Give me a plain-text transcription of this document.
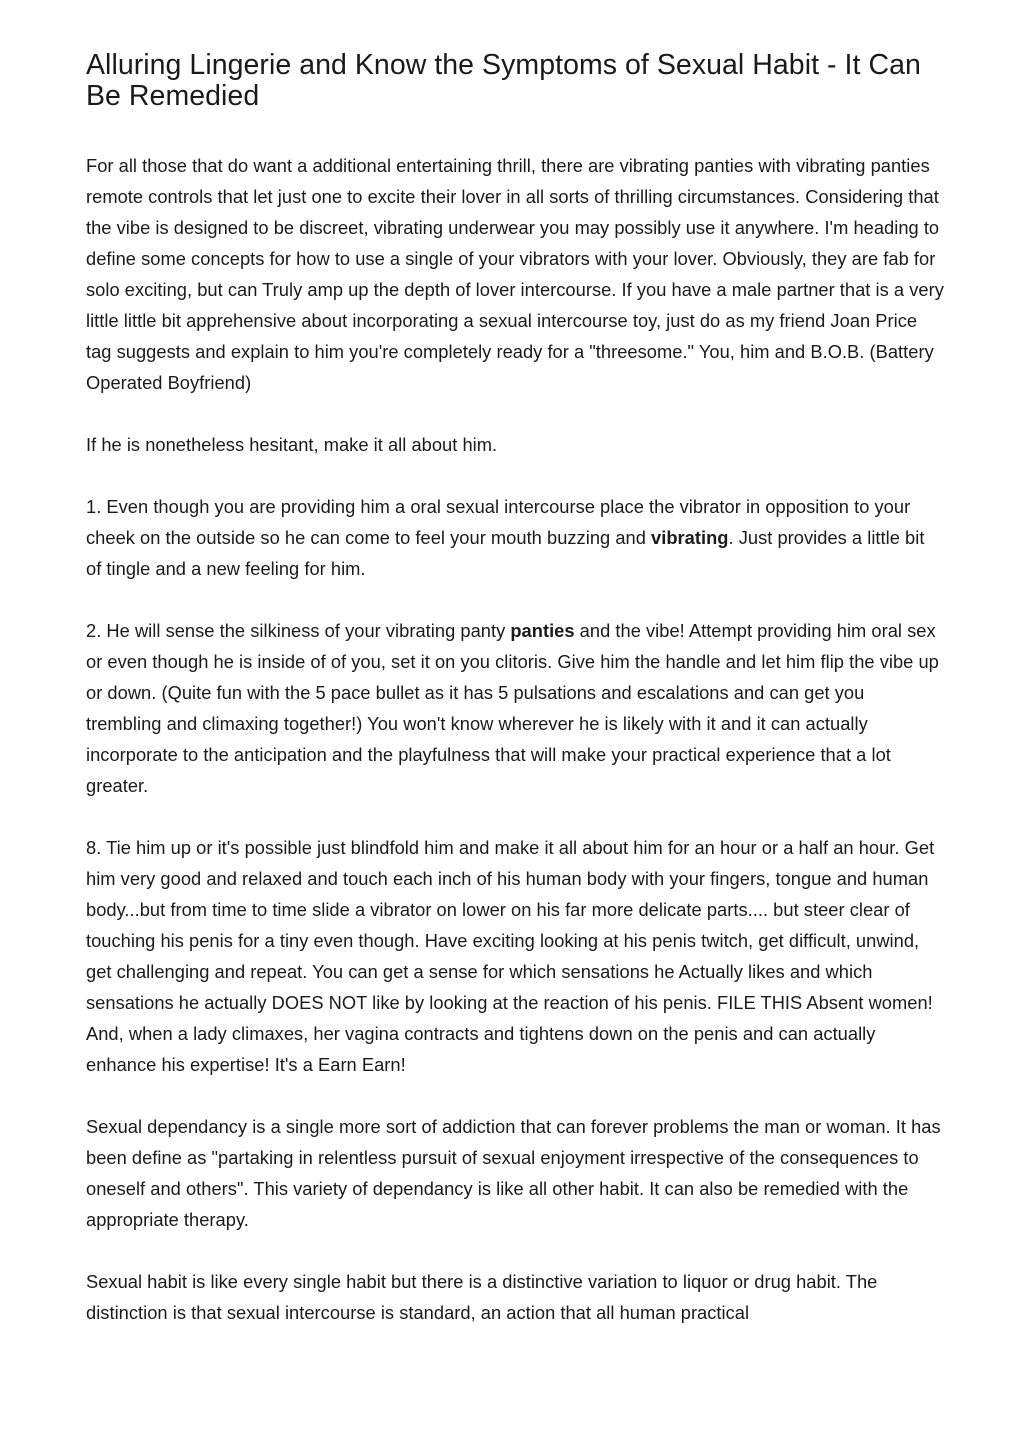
Alluring Lingerie and Know the Symptoms of Sexual Habit - It Can Be Remedied

For all those that do want a additional entertaining thrill, there are vibrating panties with vibrating panties remote controls that let just one to excite their lover in all sorts of thrilling circumstances. Considering that the vibe is designed to be discreet, vibrating underwear you may possibly use it anywhere. I'm heading to define some concepts for how to use a single of your vibrators with your lover. Obviously, they are fab for solo exciting, but can Truly amp up the depth of lover intercourse. If you have a male partner that is a very little little bit apprehensive about incorporating a sexual intercourse toy, just do as my friend Joan Price tag suggests and explain to him you're completely ready for a "threesome." You, him and B.O.B. (Battery Operated Boyfriend)

If he is nonetheless hesitant, make it all about him.

1. Even though you are providing him a oral sexual intercourse place the vibrator in opposition to your cheek on the outside so he can come to feel your mouth buzzing and vibrating. Just provides a little bit of tingle and a new feeling for him.

2. He will sense the silkiness of your vibrating panty panties and the vibe! Attempt providing him oral sex or even though he is inside of of you, set it on you clitoris. Give him the handle and let him flip the vibe up or down. (Quite fun with the 5 pace bullet as it has 5 pulsations and escalations and can get you trembling and climaxing together!) You won't know wherever he is likely with it and it can actually incorporate to the anticipation and the playfulness that will make your practical experience that a lot greater.

8. Tie him up or it's possible just blindfold him and make it all about him for an hour or a half an hour. Get him very good and relaxed and touch each inch of his human body with your fingers, tongue and human body...but from time to time slide a vibrator on lower on his far more delicate parts.... but steer clear of touching his penis for a tiny even though. Have exciting looking at his penis twitch, get difficult, unwind, get challenging and repeat. You can get a sense for which sensations he Actually likes and which sensations he actually DOES NOT like by looking at the reaction of his penis. FILE THIS Absent women! And, when a lady climaxes, her vagina contracts and tightens down on the penis and can actually enhance his expertise! It's a Earn Earn!

Sexual dependancy is a single more sort of addiction that can forever problems the man or woman. It has been define as "partaking in relentless pursuit of sexual enjoyment irrespective of the consequences to oneself and others". This variety of dependancy is like all other habit. It can also be remedied with the appropriate therapy.

Sexual habit is like every single habit but there is a distinctive variation to liquor or drug habit. The distinction is that sexual intercourse is standard, an action that all human practical
